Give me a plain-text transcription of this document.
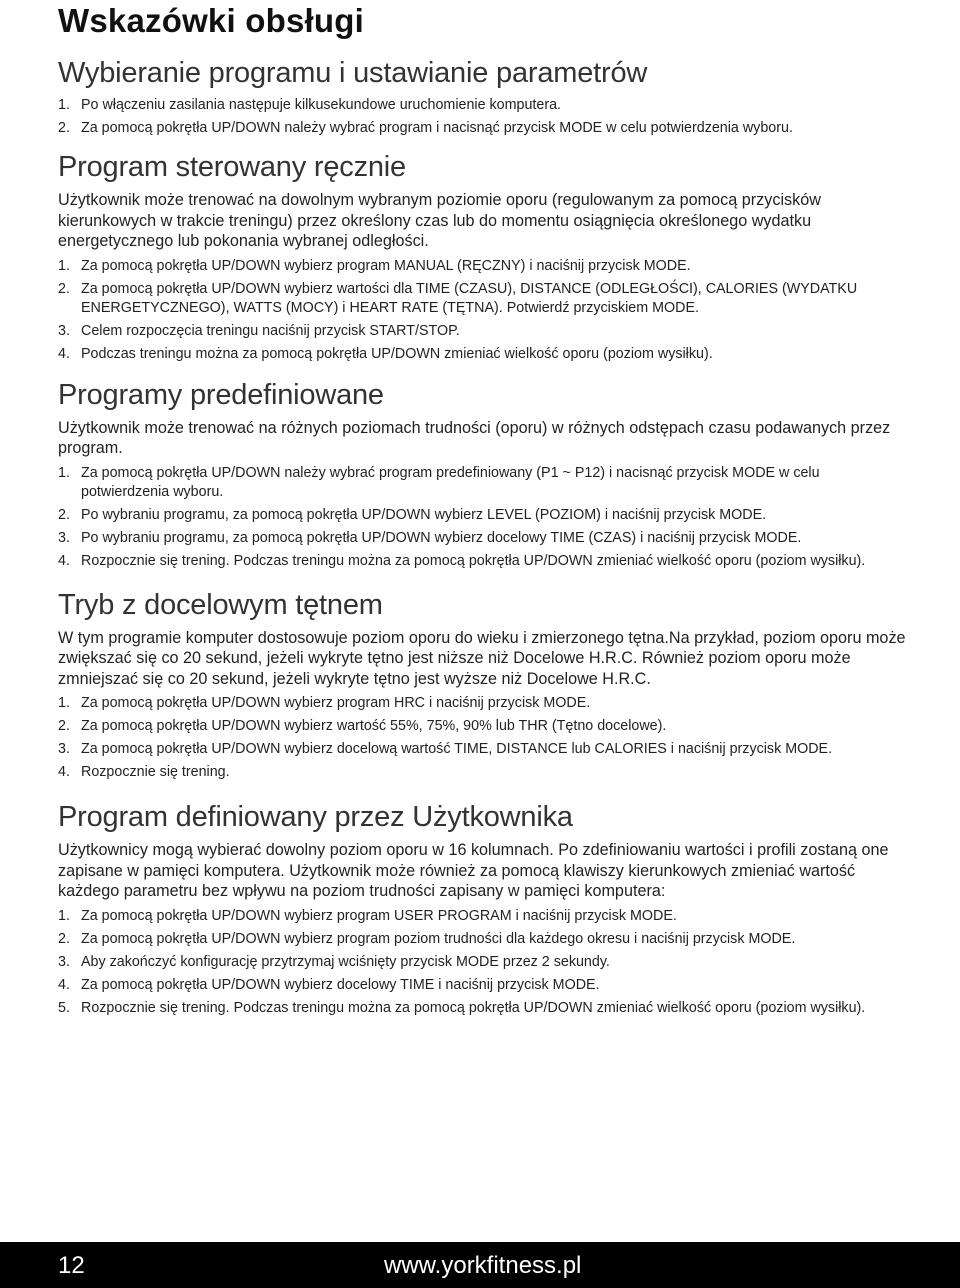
Wskazówki obsługi
Wybieranie programu i ustawianie parametrów
1. Po włączeniu zasilania następuje kilkusekundowe uruchomienie komputera.
2. Za pomocą pokrętła UP/DOWN należy wybrać program i nacisnąć przycisk MODE w celu potwierdzenia wyboru.
Program sterowany ręcznie

Użytkownik może trenować na dowolnym wybranym poziomie oporu (regulowanym za pomocą przycisków kierunkowych w trakcie treningu) przez określony czas lub do momentu osiągnięcia określonego wydatku energetycznego lub pokonania wybranej odległości.

1. Za pomocą pokrętła UP/DOWN wybierz program MANUAL (RĘCZNY) i naciśnij przycisk MODE.
2. Za pomocą pokrętła UP/DOWN wybierz wartości dla TIME (CZASU), DISTANCE (ODLEGŁOŚCI), CALORIES (WYDATKU ENERGETYCZNEGO), WATTS (MOCY) i HEART RATE (TĘTNA). Potwierdź przyciskiem MODE.
3. Celem rozpoczęcia treningu naciśnij przycisk START/STOP.
4. Podczas treningu można za pomocą pokrętła UP/DOWN zmieniać wielkość oporu (poziom wysiłku).
Programy predefiniowane

Użytkownik może trenować na różnych poziomach trudności (oporu) w różnych odstępach czasu podawanych przez program.

1. Za pomocą pokrętła UP/DOWN należy wybrać program predefiniowany (P1 ~ P12) i nacisnąć przycisk MODE w celu potwierdzenia wyboru.
2. Po wybraniu programu, za pomocą pokrętła UP/DOWN wybierz LEVEL (POZIOM) i naciśnij przycisk MODE.
3. Po wybraniu programu, za pomocą pokrętła UP/DOWN wybierz docelowy TIME (CZAS) i naciśnij przycisk MODE.
4. Rozpocznie się trening. Podczas treningu można za pomocą pokrętła UP/DOWN zmieniać wielkość oporu (poziom wysiłku).
Tryb z docelowym tętnem

W tym programie komputer dostosowuje poziom oporu do wieku i zmierzonego tętna.Na przykład, poziom oporu może zwiększać się co 20 sekund, jeżeli wykryte tętno jest niższe niż Docelowe H.R.C. Również poziom oporu może zmniejszać się co 20 sekund, jeżeli wykryte tętno jest wyższe niż Docelowe H.R.C.

1. Za pomocą pokrętła UP/DOWN wybierz program HRC i naciśnij przycisk MODE.
2. Za pomocą pokrętła UP/DOWN wybierz wartość 55%, 75%, 90% lub THR (Tętno docelowe).
3. Za pomocą pokrętła UP/DOWN wybierz docelową wartość TIME, DISTANCE lub CALORIES i naciśnij przycisk MODE.
4. Rozpocznie się trening.
Program definiowany przez Użytkownika

Użytkownicy mogą wybierać dowolny poziom oporu w 16 kolumnach. Po zdefiniowaniu wartości i profili zostaną one zapisane w pamięci komputera. Użytkownik może również za pomocą klawiszy kierunkowych zmieniać wartość każdego parametru bez wpływu na poziom trudności zapisany w pamięci komputera:

1. Za pomocą pokrętła UP/DOWN wybierz program USER PROGRAM i naciśnij przycisk MODE.
2. Za pomocą pokrętła UP/DOWN wybierz program poziom trudności dla każdego okresu i naciśnij przycisk MODE.
3. Aby zakończyć konfigurację przytrzymaj wciśnięty przycisk MODE przez 2 sekundy.
4. Za pomocą pokrętła UP/DOWN wybierz docelowy TIME i naciśnij przycisk MODE.
5. Rozpocznie się trening. Podczas treningu można za pomocą pokrętła UP/DOWN zmieniać wielkość oporu (poziom wysiłku).
12	www.yorkfitness.pl
